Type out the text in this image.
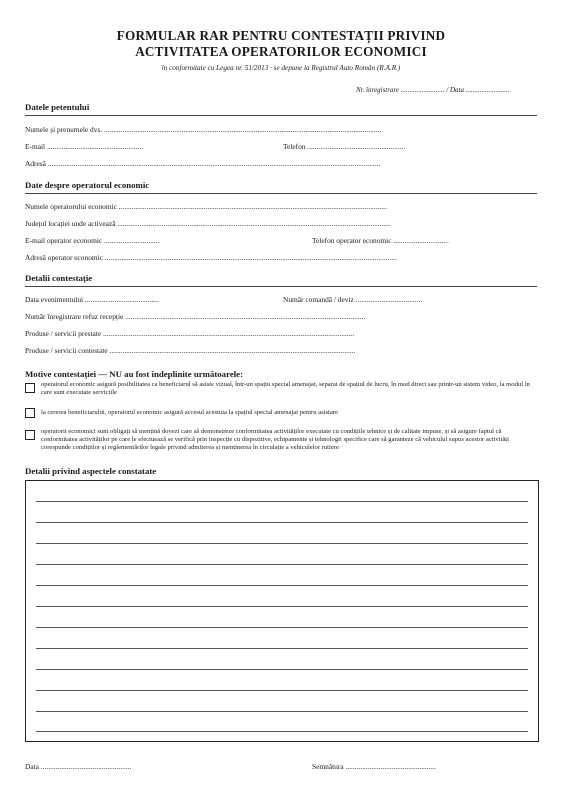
FORMULAR RAR PENTRU CONTESTAȚII PRIVIND
ACTIVITATEA OPERATORILOR ECONOMICI
în conformitate cu Legea nr. 51/2013 · se depune la Registrul Auto Român (R.A.R.)
Nr. înregistrare ......................... / Data .........................
Datele petentului
Numele și prenumele dvs. ......................................................................................................................................................
E-mail ....................................................	Telefon .....................................................
Adresă ....................................................................................................................................................................................
Date despre operatorul economic
Numele operatorului economic .................................................................................................................................................
Județul locației unde activează ....................................................................................................................................................
E-mail operator economic ..............................	Telefon operator economic ..............................
Adresă operator economic ..............................................................................................................................................................
Detalii contestație
Data evenimentului ........................................	Număr comandă / deviz ....................................
Număr înregistrare refuz recepție ..................................................................................................................................
Produse / servicii prestate ........................................................................................................................................
Produse / servicii contestate .....................................................................................................................................
Motive contestației — NU au fost îndeplinite următoarele:
operatorul economic asigură posibilitatea ca beneficiarul să asiste vizual, într-un spațiu special amenajat, separat de spațiul de lucru, în mod direct sau printr-un sistem video, la modul în care sunt executate serviciile
la cererea beneficiarului, operatorul economic asigură accesul acestuia la spațiul special amenajat pentru asistare
operatorii economici sunt obligați să mențină dovezi care să demonstreze conformitatea activităților executate cu condițiile tehnice și de calitate impuse, și să asigure faptul că conformitatea activităților pe care le efectuează se verifică prin inspecție cu dispozitive, echipamente și tehnologii specifice care să garanteze că vehiculul supus acestor activități corespunde condițiilor și reglementărilor legale privind admiterea și menținerea în circulație a vehiculelor rutiere
Detalii privind aspectele constatate
Data .................................................	Semnătura .................................................
